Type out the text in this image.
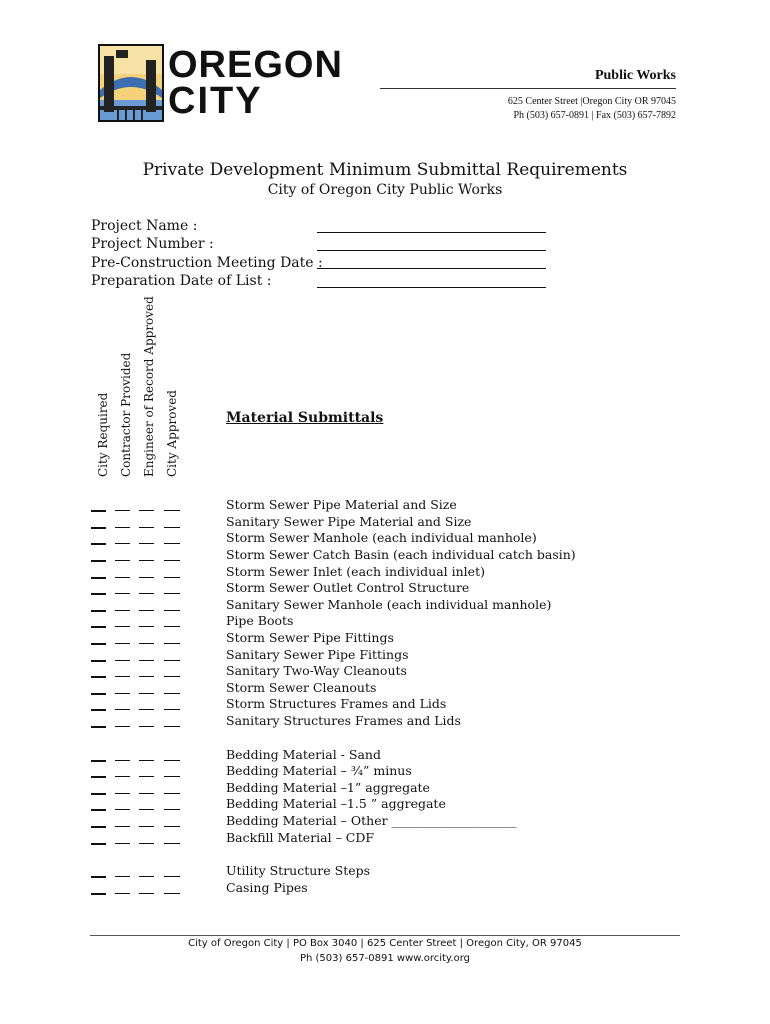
OREGON
CITY
Public Works
625 Center Street |Oregon City OR 97045
Ph (503) 657-0891 | Fax (503) 657-7892
Private Development Minimum Submittal Requirements
City of Oregon City Public Works
Project Name :
Project Number :
Pre-Construction Meeting Date :
Preparation Date of List :
City Required Contractor Provided Engineer of Record Approved City Approved	Material Submittals
Storm Sewer Pipe Material and Size
Sanitary Sewer Pipe Material and Size
Storm Sewer Manhole (each individual manhole)
Storm Sewer Catch Basin (each individual catch basin)
Storm Sewer Inlet (each individual inlet)
Storm Sewer Outlet Control Structure
Sanitary Sewer Manhole (each individual manhole)
Pipe Boots
Storm Sewer Pipe Fittings
Sanitary Sewer Pipe Fittings
Sanitary Two-Way Cleanouts
Storm Sewer Cleanouts
Storm Structures Frames and Lids
Sanitary Structures Frames and Lids
Bedding Material - Sand
Bedding Material – ¾” minus
Bedding Material –1” aggregate
Bedding Material –1.5 ” aggregate
Bedding Material – Other ____________________
Backfill Material – CDF
Utility Structure Steps
Casing Pipes
City of Oregon City | PO Box 3040 | 625 Center Street | Oregon City, OR 97045
Ph (503) 657-0891 www.orcity.org
